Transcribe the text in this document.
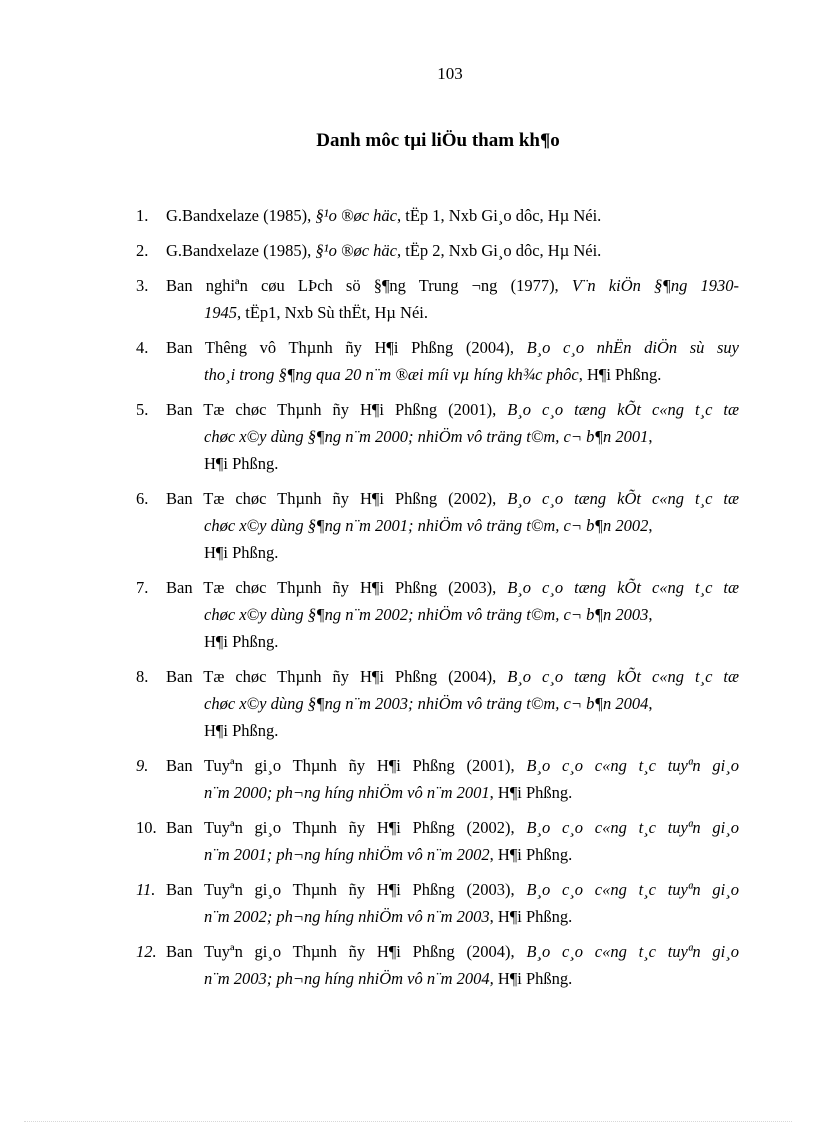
103
Danh môc tµi liÖu tham kh¶o
1.	G.Bandxelaze (1985), §¹o ®øc häc, tËp 1, Nxb Gi¸o dôc, Hµ Néi.
2.	G.Bandxelaze (1985), §¹o ®øc häc, tËp 2, Nxb Gi¸o dôc, Hµ Néi.
3.	Ban nghiªn cøu LÞch sö §¶ng Trung ¬ng (1977), V¨n kiÖn §¶ng 1930-
1945, tËp1, Nxb Sù thËt, Hµ Néi.
4.	Ban Thêng vô Thµnh ñy H¶i Phßng (2004), B¸o c¸o nhËn diÖn sù suy
tho¸i trong §¶ng qua 20 n¨m ®æi míi vµ híng kh¾c phôc, H¶i Phßng.
5.	Ban Tæ chøc Thµnh ñy H¶i Phßng (2001), B¸o c¸o tæng kÕt c«ng t¸c tæ
chøc x©y dùng §¶ng n¨m 2000; nhiÖm vô träng t©m, c¬ b¶n 2001,
H¶i Phßng.
6.	Ban Tæ chøc Thµnh ñy H¶i Phßng (2002), B¸o c¸o tæng kÕt c«ng t¸c tæ
chøc x©y dùng §¶ng n¨m 2001; nhiÖm vô träng t©m, c¬ b¶n 2002,
H¶i Phßng.
7.	Ban Tæ chøc Thµnh ñy H¶i Phßng (2003), B¸o c¸o tæng kÕt c«ng t¸c tæ
chøc x©y dùng §¶ng n¨m 2002; nhiÖm vô träng t©m, c¬ b¶n 2003,
H¶i Phßng.
8.	Ban Tæ chøc Thµnh ñy H¶i Phßng (2004), B¸o c¸o tæng kÕt c«ng t¸c tæ
chøc x©y dùng §¶ng n¨m 2003; nhiÖm vô träng t©m, c¬ b¶n 2004,
H¶i Phßng.
9.	Ban Tuyªn gi¸o Thµnh ñy H¶i Phßng (2001), B¸o c¸o c«ng t¸c tuyªn gi¸o
n¨m 2000; ph¬ng híng nhiÖm vô n¨m 2001, H¶i Phßng.
10. Ban Tuyªn gi¸o Thµnh ñy H¶i Phßng (2002), B¸o c¸o c«ng t¸c tuyªn gi¸o
n¨m 2001; ph¬ng híng nhiÖm vô n¨m 2002, H¶i Phßng.
11. Ban Tuyªn gi¸o Thµnh ñy H¶i Phßng (2003), B¸o c¸o c«ng t¸c tuyªn gi¸o
n¨m 2002; ph¬ng híng nhiÖm vô n¨m 2003, H¶i Phßng.
12. Ban Tuyªn gi¸o Thµnh ñy H¶i Phßng (2004), B¸o c¸o c«ng t¸c tuyªn gi¸o
n¨m 2003; ph¬ng híng nhiÖm vô n¨m 2004, H¶i Phßng.
